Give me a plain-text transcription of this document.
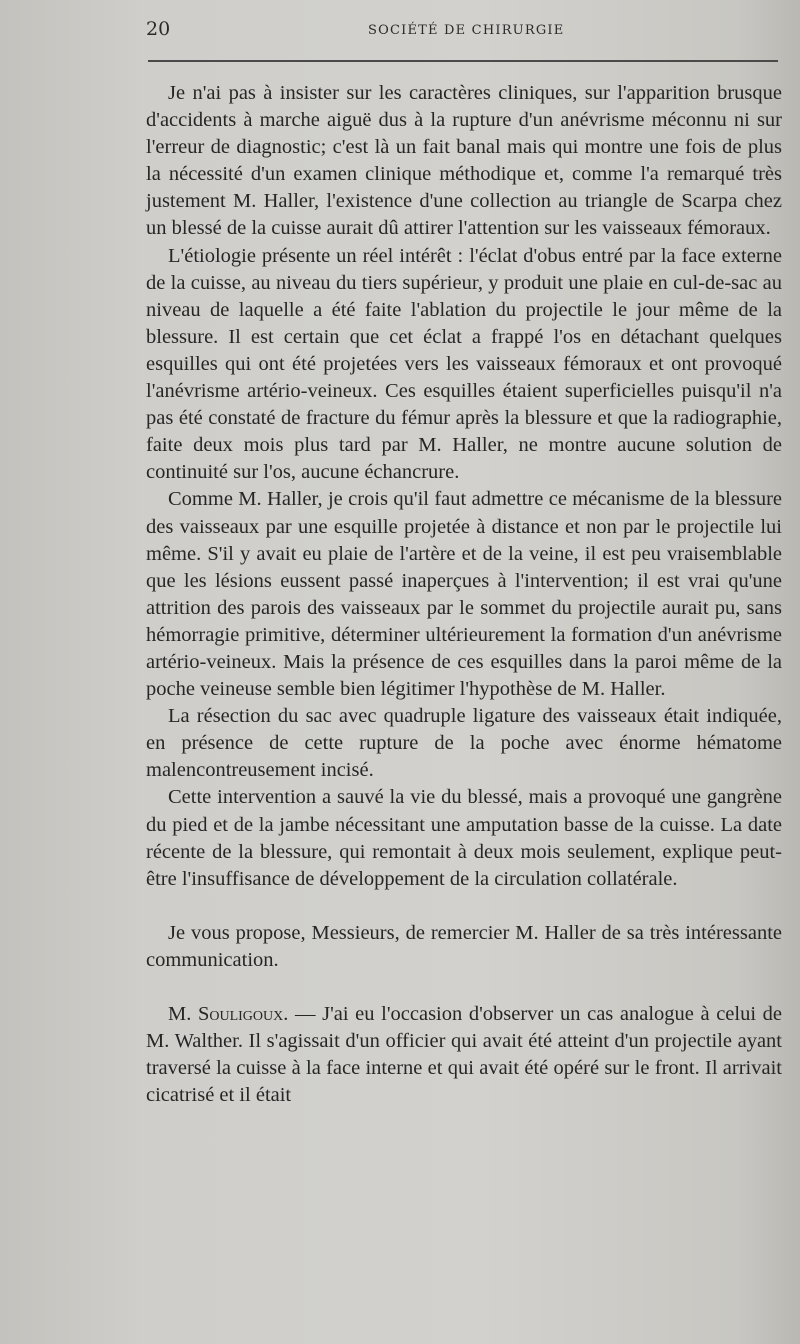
20	SOCIÉTÉ DE CHIRURGIE

Je n'ai pas à insister sur les caractères cliniques, sur l'apparition brusque d'accidents à marche aiguë dus à la rupture d'un anévrisme méconnu ni sur l'erreur de diagnostic; c'est là un fait banal mais qui montre une fois de plus la nécessité d'un examen clinique méthodique et, comme l'a remarqué très justement M. Haller, l'existence d'une collection au triangle de Scarpa chez un blessé de la cuisse aurait dû attirer l'attention sur les vaisseaux fémoraux.

L'étiologie présente un réel intérêt : l'éclat d'obus entré par la face externe de la cuisse, au niveau du tiers supérieur, y produit une plaie en cul-de-sac au niveau de laquelle a été faite l'ablation du projectile le jour même de la blessure. Il est certain que cet éclat a frappé l'os en détachant quelques esquilles qui ont été projetées vers les vaisseaux fémoraux et ont provoqué l'anévrisme artério-veineux. Ces esquilles étaient superficielles puisqu'il n'a pas été constaté de fracture du fémur après la blessure et que la radiographie, faite deux mois plus tard par M. Haller, ne montre aucune solution de continuité sur l'os, aucune échancrure.

Comme M. Haller, je crois qu'il faut admettre ce mécanisme de la blessure des vaisseaux par une esquille projetée à distance et non par le projectile lui même. S'il y avait eu plaie de l'artère et de la veine, il est peu vraisemblable que les lésions eussent passé inaperçues à l'intervention; il est vrai qu'une attrition des parois des vaisseaux par le sommet du projectile aurait pu, sans hémorragie primitive, déterminer ultérieurement la formation d'un anévrisme artério-veineux. Mais la présence de ces esquilles dans la paroi même de la poche veineuse semble bien légitimer l'hypothèse de M. Haller.

La résection du sac avec quadruple ligature des vaisseaux était indiquée, en présence de cette rupture de la poche avec énorme hématome malencontreusement incisé.

Cette intervention a sauvé la vie du blessé, mais a provoqué une gangrène du pied et de la jambe nécessitant une amputation basse de la cuisse. La date récente de la blessure, qui remontait à deux mois seulement, explique peut-être l'insuffisance de développement de la circulation collatérale.

Je vous propose, Messieurs, de remercier M. Haller de sa très intéressante communication.

M. Souligoux. — J'ai eu l'occasion d'observer un cas analogue à celui de M. Walther. Il s'agissait d'un officier qui avait été atteint d'un projectile ayant traversé la cuisse à la face interne et qui avait été opéré sur le front. Il arrivait cicatrisé et il était
